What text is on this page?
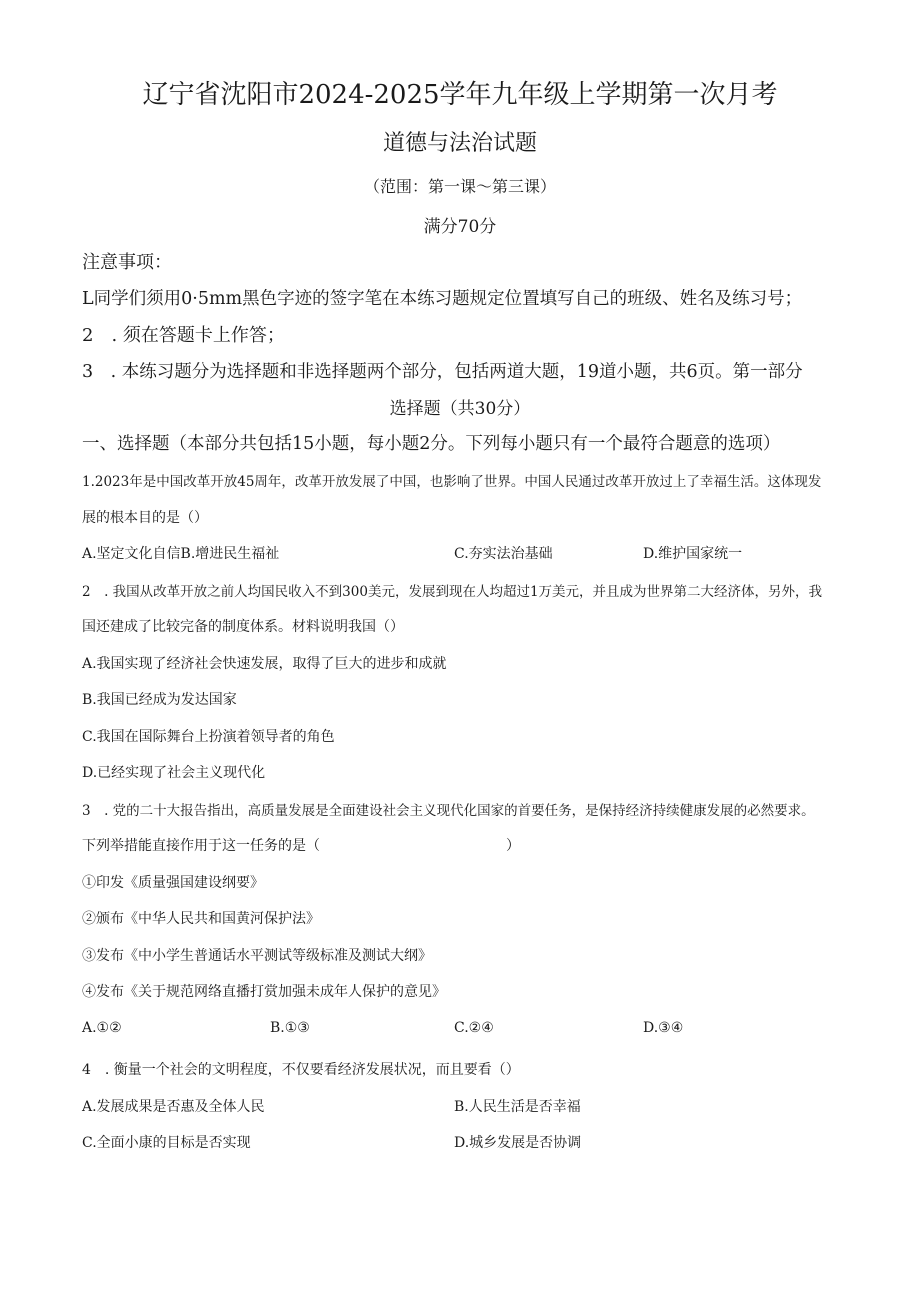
辽宁省沈阳市2024-2025学年九年级上学期第一次月考
道德与法治试题
（范围：第一课～第三课）
满分70分
注意事项：
L同学们须用0·5mm黑色字迹的签字笔在本练习题规定位置填写自己的班级、姓名及练习号；
2　. 须在答题卡上作答；
3　. 本练习题分为选择题和非选择题两个部分，包括两道大题，19道小题，共6页。第一部分
选择题（共30分）
一、选择题（本部分共包括15小题，每小题2分。下列每小题只有一个最符合题意的选项）
1.2023年是中国改革开放45周年，改革开放发展了中国，也影响了世界。中国人民通过改革开放过上了幸福生活。这体现发
展的根本目的是（）
A.坚定文化自信B.增进民生福祉	C.夯实法治基础	D.维护国家统一
2　. 我国从改革开放之前人均国民收入不到300美元，发展到现在人均超过1万美元，并且成为世界第二大经济体，另外，我
国还建成了比较完备的制度体系。材料说明我国（）
A.我国实现了经济社会快速发展，取得了巨大的进步和成就
B.我国已经成为发达国家
C.我国在国际舞台上扮演着领导者的角色
D.已经实现了社会主义现代化
3　. 党的二十大报告指出，高质量发展是全面建设社会主义现代化国家的首要任务，是保持经济持续健康发展的必然要求。
下列举措能直接作用于这一任务的是（	）
①印发《质量强国建设纲要》
②颁布《中华人民共和国黄河保护法》
③发布《中小学生普通话水平测试等级标准及测试大纲》
④发布《关于规范网络直播打赏加强未成年人保护的意见》
A.①②	B.①③	C.②④	D.③④
4　. 衡量一个社会的文明程度，不仅要看经济发展状况，而且要看（）
A.发展成果是否惠及全体人民	B.人民生活是否幸福
C.全面小康的目标是否实现	D.城乡发展是否协调
